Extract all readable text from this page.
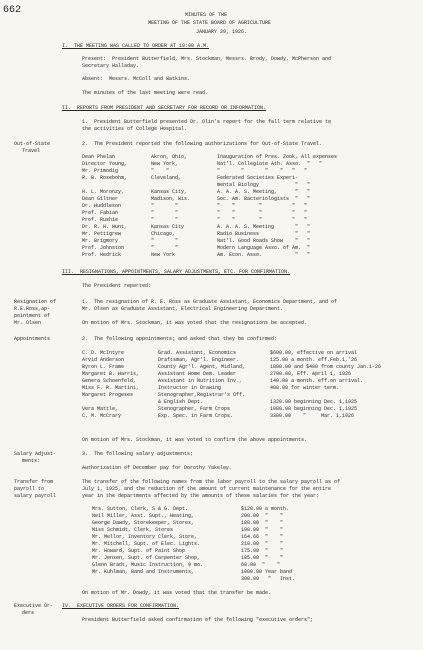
662	MINUTES OF THE
MEETING OF THE STATE BOARD OF AGRICULTURE
JANUARY 20, 1926.
I.  THE MEETING WAS CALLED TO ORDER AT 10:00 A.M.
Present:  President Butterfield, Mrs. Stockman, Messrs. Brody, Dowdy, McPherson and
Secretary Halladay.
Absent:  Messrs. McColl and Watkins.
The minutes of the last meeting were read.
II.  REPORTS FROM PRESIDENT AND SECRETARY FOR RECORD OR INFORMATION.
1.  President Butterfield presented Dr. Olin's report for the fall term relative to
the activities of College Hospital.
Out-of-State
Travel
2.  The President reported the following authorizations for Out-of-State Travel.
Dean Phelan	Akron, Ohio,	Inauguration of Pres. Zook, All expenses
Director Young,	New York,	Nat'l. Collegiate Ath. Asso.  "   "
Mr. Primodig	"    "	"       "       "    "   "   "
R. B. Rosebohm,	Cleveland,	Federated Societies Experi-
mental Biology            "   "
H. L. Moronzy,	Kansas City,	A. A. A. S. Meeting,      "   "
Dean Giltner	Madison, Wis.	Soc. Am. Bacteriologists  "   "
Dr. Huddleson	"       "	"    "        "          "   "
Prof. Fabian	"       "	"    "        "          "   "
Prof. Rushie	"       "	"    "        "          "   "
Dr. R. H. Hunt,	Kansas City	A. A. A. S. Meeting       "   "
Mr. Pettigrew	Chicago,	Radio Business            "   "
Mr. Brigmory	"       "	Nat'l. Good Roads Show    "   "
Prof. Johnston	"       "	Modern Language Asso. of Am.  "
Prof. Hedrick	New York	Am. Econ. Asso.           "   "
III.  RESIGNATIONS, APPOINTMENTS, SALARY ADJUSTMENTS, ETC. FOR CONFIRMATION.
The President reported:
Resignation of
R.E.Ross,ap-
pointment of
Mr. Olsen
1.  The resignation of R. E. Ross as Graduate Assistant, Economics Department, and of
Mr. Olsen as Graduate Assistant, Electrical Engineering Department.
On motion of Mrs. Stockman, it was voted that the resignations be accepted.
Appointments	2.  The following appointments; and asked that they be confirmed:
C. D. McIntyre	Grad. Assistant, Economics	$600.00, effective on arrival
Arvid Anderson	Draftsman, Agr'l. Engineer.	125.00 a month. eff.Feb.1,'26
Byron L. Frame	County Agr'l. Agent, Midland,	1800.00 and $400 from county Jan.1-26
Margaret B. Harris,	Assistant Home Dem. Leader	2700.00, Eff. April 1, 1926
Genera Schoenfeld,	Assistant in Nutrition Inv.,	140.00 a month. eff.on arrival.
Miss F. R. Martini,	Instructor in Drawing	400.00 for winter term.
Margaret Progeses	Stenographer,Registrar's Off.
& English Dept.	1320.00 beginning Dec. 1,1925
Vera Mattle,	Stenographer, Farm Crops	1080.00 beginning Dec. 1,1925
C. M. McCrary	Exp. Spec. in Farm Crops.	3300.00    "     Mar. 1,1926
On motion of Mrs. Stockman, it was voted to confirm the above appointments.
Salary Adjust-
ments:
3.  The following salary adjustments;
Authorization of December pay for Dorothy Yakeley.
Transfer from
payroll to
salary payroll
The transfer of the following names from the labor payroll to the salary payroll as of
July 1, 1925, and the reduction of the amount of current maintenance for the entire
year in the departments affected by the amounts of these salaries for the year:
Mrs. Sutton, Clerk, S & G. Dept.	$120.00 a month.
Neil Miller, Asst. Supt., Heating,	200.00  "    "
George Dawdy, Storekeeper, Stores,	180.00  "    "
Miss Schmidt, Clerk, Stores	100.00  "    "
Mr. Mellor, Inventory Clerk, Store,	164.66  "    "
Mr. Mitchell, Supt. of Elec. Lights.	210.00  "    "
Mr. Howard, Supt. of Paint Shop	175.00  "    "
Mr. Jensen, Supt. of Carpenter Shop,	185.00  "    "
Glenn Bradt, Music Instruction, 9 mo.	60.00  "    "
Mr. Kuhlman, Band and Instruments,	1000.00 Year band
300.00   "   Inst.
On motion of Mr. Dowdy, it was voted that the transfer be made.
Executive Or-
ders
IV.  EXECUTIVE ORDERS FOR CONFIRMATION.
President Butterfield asked confirmation of the following "executive orders";
